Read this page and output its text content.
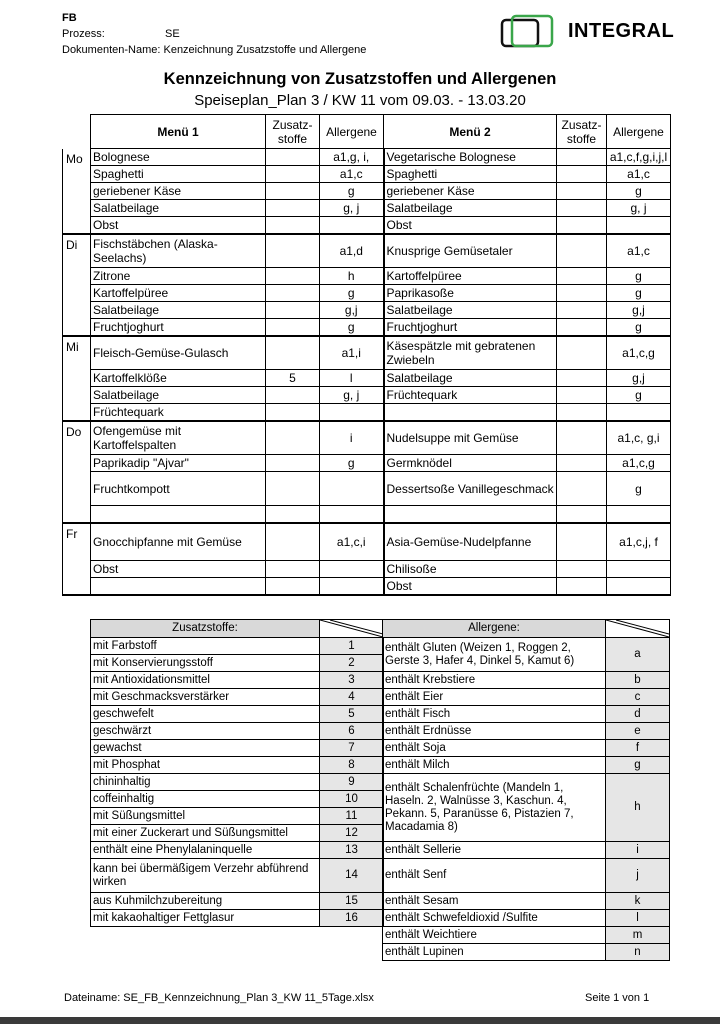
FB
Prozess:	SE
Dokumenten-Name: Kenzeichnung Zusatzstoffe und Allergene
INTEGRAL
Kennzeichnung von Zusatzstoffen und Allergenen
Speiseplan_Plan 3 / KW 11 vom 09.03. - 13.03.20
	Menü 1	Zusatz- stoffe	Allergene	Menü 2	Zusatz- stoffe	Allergene
Mo	Bolognese		a1,g, i,	Vegetarische Bolognese		a1,c,f,g,i,j,l
	Spaghetti		a1,c	Spaghetti		a1,c
	geriebener Käse		g	geriebener Käse		g
	Salatbeilage		g, j	Salatbeilage		g, j
	Obst			Obst		
Di	Fischstäbchen (Alaska-Seelachs)		a1,d	Knusprige Gemüsetaler		a1,c
	Zitrone		h	Kartoffelpüree		g
	Kartoffelpüree		g	Paprikasoße		g
	Salatbeilage		g,j	Salatbeilage		g,j
	Fruchtjoghurt		g	Fruchtjoghurt		g
Mi	Fleisch-Gemüse-Gulasch		a1,i	Käsespätzle mit gebratenen Zwiebeln		a1,c,g
	Kartoffelklöße	5	l	Salatbeilage		g,j
	Salatbeilage		g, j	Früchtequark		g
	Früchtequark					
Do	Ofengemüse mit Kartoffelspalten		i	Nudelsuppe mit Gemüse		a1,c, g,i
	Paprikadip "Ajvar"		g	Germknödel		a1,c,g
	Fruchtkompott			Dessertsoße Vanillegeschmack		g

Fr	Gnocchipfanne mit Gemüse		a1,c,i	Asia-Gemüse-Nudelpfanne		a1,c,j, f
	Obst			Chilisoße		
				Obst		
Zusatzstoffe:	

mit Farbstoff	1
mit Konservierungsstoff	2
mit Antioxidationsmittel	3
mit Geschmacksverstärker	4
geschwefelt	5
geschwärzt	6
gewachst	7
mit Phosphat	8
chininhaltig	9
coffeinhaltig	10
mit Süßungsmittel	11
mit einer Zuckerart und Süßungsmittel	12
enthält eine Phenylalaninquelle	13
kann bei übermäßigem Verzehr abführend wirken	14
aus Kuhmilchzubereitung	15
mit kakaohaltiger Fettglasur	16
Allergene:	

enthält Gluten (Weizen 1, Roggen 2, Gerste 3, Hafer 4, Dinkel 5, Kamut 6)	a
enthält Krebstiere	b
enthält Eier	c
enthält Fisch	d
enthält Erdnüsse	e
enthält Soja	f
enthält Milch	g
enthält Schalenfrüchte (Mandeln 1, Haseln. 2, Walnüsse 3, Kaschun. 4, Pekann. 5, Paranüsse 6, Pistazien 7, Macadamia 8)	h
enthält Sellerie	i
enthält Senf	j
enthält Sesam	k
enthält Schwefeldioxid /Sulfite	l
enthält Weichtiere	m
enthält Lupinen	n
Dateiname: SE_FB_Kennzeichnung_Plan 3_KW 11_5Tage.xlsx	Seite 1 von 1
